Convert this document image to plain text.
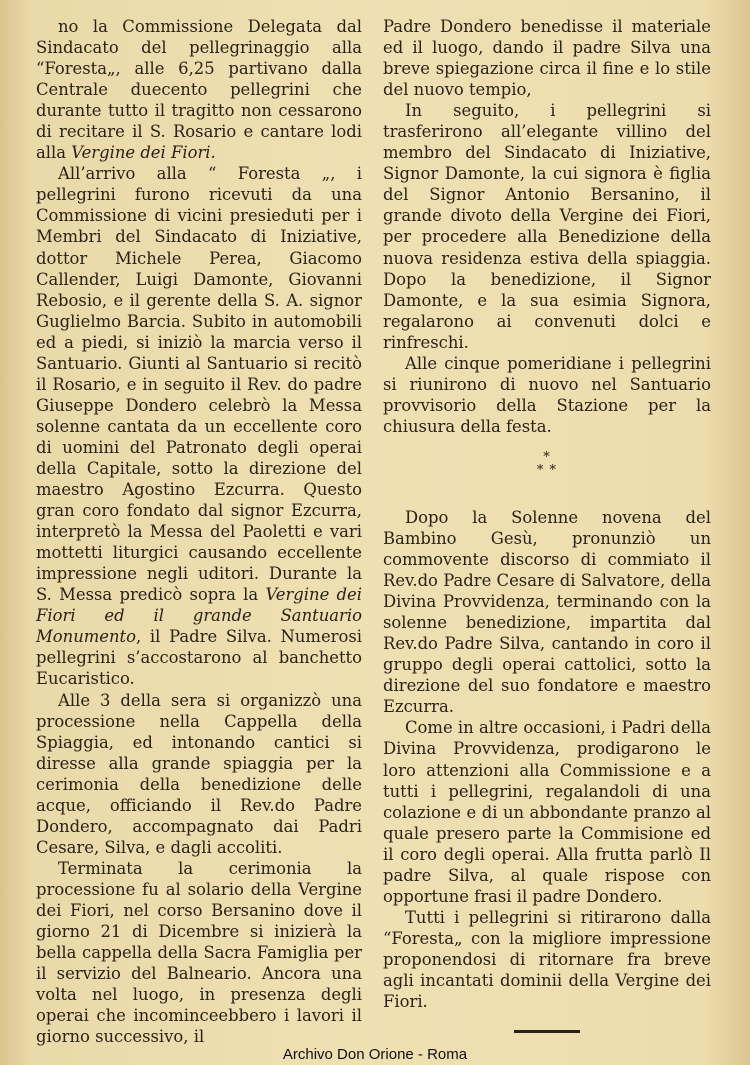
no la Commissione Delegata dal Sindacato del pellegrinaggio alla “Foresta„, alle 6,25 partivano dalla Centrale duecento pellegrini che durante tutto il tragitto non cessarono di recitare il S. Rosario e cantare lodi alla Vergine dei Fiori.

All’arrivo alla “ Foresta „, i pellegrini furono ricevuti da una Commissione di vicini presieduti per i Membri del Sindacato di Iniziative, dottor Michele Perea, Giacomo Callender, Luigi Damonte, Giovanni Rebosio, e il gerente della S. A. signor Guglielmo Barcia. Subito in automobili ed a piedi, si iniziò la marcia verso il Santuario. Giunti al Santuario si recitò il Rosario, e in seguito il Rev. do padre Giuseppe Dondero celebrò la Messa solenne cantata da un eccellente coro di uomini del Patronato degli operai della Capitale, sotto la direzione del maestro Agostino Ezcurra. Questo gran coro fondato dal signor Ezcurra, interpretò la Messa del Paoletti e vari mottetti liturgici causando eccellente impressione negli uditori. Durante la S. Messa predicò sopra la Vergine dei Fiori ed il grande Santuario Monumento, il Padre Silva. Numerosi pellegrini s’accostarono al banchetto Eucaristico.

Alle 3 della sera si organizzò una processione nella Cappella della Spiaggia, ed intonando cantici si diresse alla grande spiaggia per la cerimonia della benedizione delle acque, officiando il Rev.do Padre Dondero, accompagnato dai Padri Cesare, Silva, e dagli accoliti.

Terminata la cerimonia la processione fu al solario della Vergine dei Fiori, nel corso Bersanino dove il giorno 21 di Dicembre si inizierà la bella cappella della Sacra Famiglia per il servizio del Balneario. Ancora una volta nel luogo, in presenza degli operai che incominceebbero i lavori il giorno successivo, il

Padre Dondero benedisse il materiale ed il luogo, dando il padre Silva una breve spiegazione circa il fine e lo stile del nuovo tempio,

In seguito, i pellegrini si trasferirono all’elegante villino del membro del Sindacato di Iniziative, Signor Damonte, la cui signora è figlia del Signor Antonio Bersanino, il grande divoto della Vergine dei Fiori, per procedere alla Benedizione della nuova residenza estiva della spiaggia. Dopo la benedizione, il Signor Damonte, e la sua esimia Signora, regalarono ai convenuti dolci e rinfreschi.

Alle cinque pomeridiane i pellegrini si riunirono di nuovo nel Santuario provvisorio della Stazione per la chiusura della festa.

*
* *

Dopo la Solenne novena del Bambino Gesù, pronunziò un commovente discorso di commiato il Rev.do Padre Cesare di Salvatore, della Divina Provvidenza, terminando con la solenne benedizione, impartita dal Rev.do Padre Silva, cantando in coro il gruppo degli operai cattolici, sotto la direzione del suo fondatore e maestro Ezcurra.

Come in altre occasioni, i Padri della Divina Provvidenza, prodigarono le loro attenzioni alla Commissione e a tutti i pellegrini, regalandoli di una colazione e di un abbondante pranzo al quale presero parte la Commisione ed il coro degli operai. Alla frutta parlò Il padre Silva, al quale rispose con opportune frasi il padre Dondero.

Tutti i pellegrini si ritirarono dalla “Foresta„ con la migliore impressione proponendosi di ritornare fra breve agli incantati dominii della Vergine dei Fiori.

Archivo Don Orione - Roma
